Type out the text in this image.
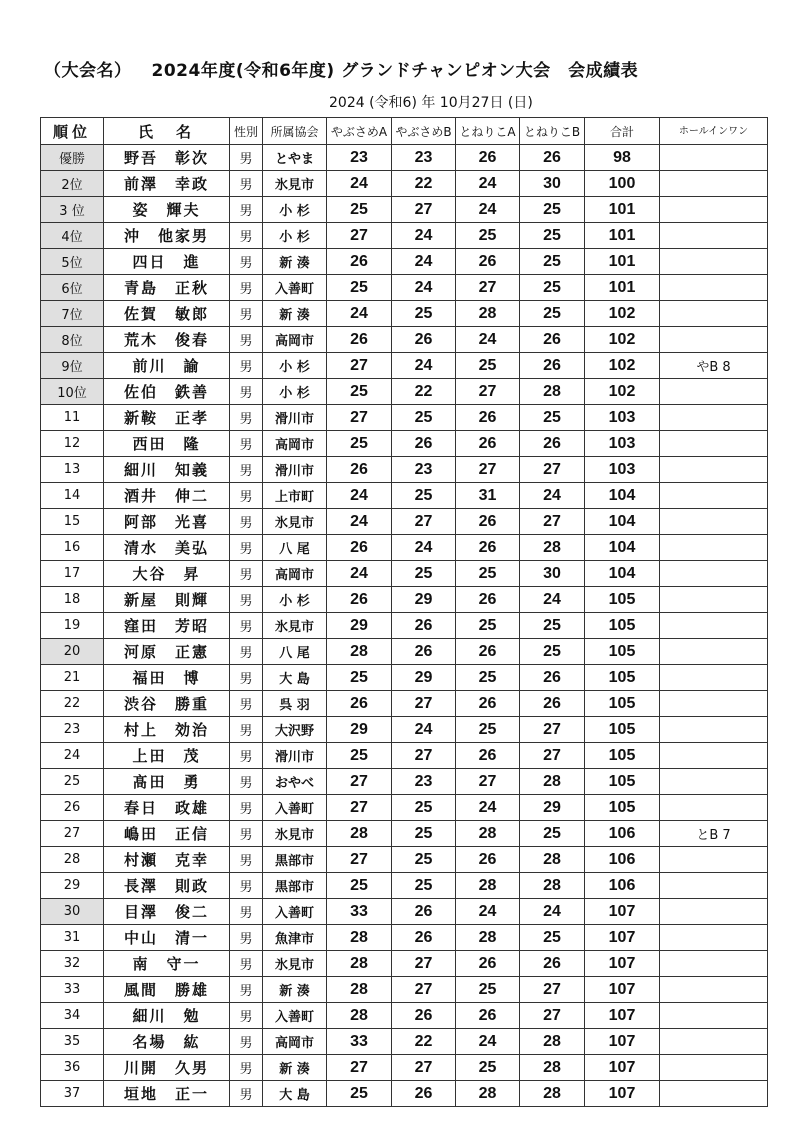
（大会名） 2024年度(令和6年度) グランドチャンピオン大会　会成績表
2024 (令和6) 年 10月27日 (日)
順位	氏　名	性別	所属協会	やぶさめA	やぶさめB	とねりこA	とねりこB	合計	ホールインワン
優勝	野吾　彰次	男	とやま	23	23	26	26	98	
2位	前澤　幸政	男	氷見市	24	22	24	30	100	
3 位	姿　輝夫	男	小 杉	25	27	24	25	101	
4位	沖　他家男	男	小 杉	27	24	25	25	101	
5位	四日　進	男	新 湊	26	24	26	25	101	
6位	青島　正秋	男	入善町	25	24	27	25	101	
7位	佐賀　敏郎	男	新 湊	24	25	28	25	102	
8位	荒木　俊春	男	高岡市	26	26	24	26	102	
9位	前川　諭	男	小 杉	27	24	25	26	102	やB 8
10位	佐伯　鉄善	男	小 杉	25	22	27	28	102	
11	新鞍　正孝	男	滑川市	27	25	26	25	103	
12	西田　隆	男	高岡市	25	26	26	26	103	
13	細川　知義	男	滑川市	26	23	27	27	103	
14	酒井　伸二	男	上市町	24	25	31	24	104	
15	阿部　光喜	男	氷見市	24	27	26	27	104	
16	清水　美弘	男	八 尾	26	24	26	28	104	
17	大谷　昇	男	高岡市	24	25	25	30	104	
18	新屋　則輝	男	小 杉	26	29	26	24	105	
19	窪田　芳昭	男	氷見市	29	26	25	25	105	
20	河原　正憲	男	八 尾	28	26	26	25	105	
21	福田　博	男	大 島	25	29	25	26	105	
22	渋谷　勝重	男	呉 羽	26	27	26	26	105	
23	村上　効治	男	大沢野	29	24	25	27	105	
24	上田　茂	男	滑川市	25	27	26	27	105	
25	髙田　勇	男	おやべ	27	23	27	28	105	
26	春日　政雄	男	入善町	27	25	24	29	105	
27	嶋田　正信	男	氷見市	28	25	28	25	106	とB 7
28	村瀬　克幸	男	黒部市	27	25	26	28	106	
29	長澤　則政	男	黒部市	25	25	28	28	106	
30	目澤　俊二	男	入善町	33	26	24	24	107	
31	中山　清一	男	魚津市	28	26	28	25	107	
32	南　守一	男	氷見市	28	27	26	26	107	
33	風間　勝雄	男	新 湊	28	27	25	27	107	
34	細川　勉	男	入善町	28	26	26	27	107	
35	名場　紘	男	高岡市	33	22	24	28	107	
36	川開　久男	男	新 湊	27	27	25	28	107	
37	垣地　正一	男	大 島	25	26	28	28	107	
